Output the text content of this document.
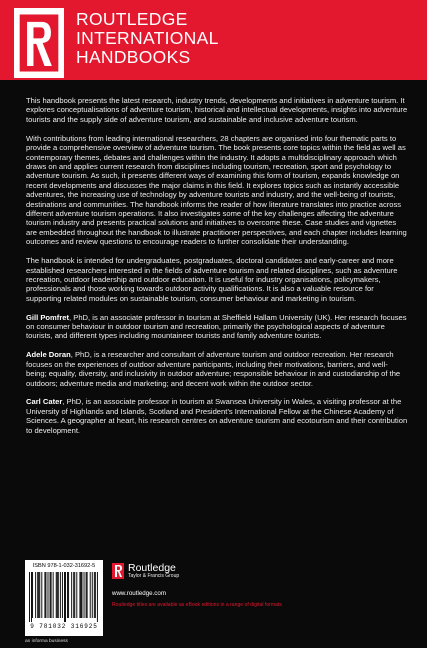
ROUTLEDGE
INTERNATIONAL
HANDBOOKS

This handbook presents the latest research, industry trends, developments and initiatives in adventure tourism. It explores conceptualisations of adventure tourism, historical and intellectual developments, insights into adventure tourists and the supply side of adventure tourism, and sustainable and inclusive adventure tourism.

With contributions from leading international researchers, 28 chapters are organised into four thematic parts to provide a comprehensive overview of adventure tourism. The book presents core topics within the field as well as contemporary themes, debates and challenges within the industry. It adopts a multidisciplinary approach which draws on and applies current research from disciplines including tourism, recreation, sport and psychology to adventure tourism. As such, it presents different ways of examining this form of tourism, expands knowledge on recent developments and discusses the major claims in this field. It explores topics such as instantly accessible adventures, the increasing use of technology by adventure tourists and industry, and the well-being of tourists, destinations and communities. The handbook informs the reader of how literature translates into practice across different adventure tourism operations. It also investigates some of the key challenges affecting the adventure tourism industry and presents practical solutions and initiatives to overcome these. Case studies and vignettes are embedded throughout the handbook to illustrate practitioner perspectives, and each chapter includes learning outcomes and review questions to encourage readers to further consolidate their understanding.

The handbook is intended for undergraduates, postgraduates, doctoral candidates and early-career and more established researchers interested in the fields of adventure tourism and related disciplines, such as adventure recreation, outdoor leadership and outdoor education. It is useful for industry organisations, policymakers, professionals and those working towards outdoor activity qualifications. It is also a valuable resource for supporting related modules on sustainable tourism, consumer behaviour and marketing in tourism.

Gill Pomfret, PhD, is an associate professor in tourism at Sheffield Hallam University (UK). Her research focuses on consumer behaviour in outdoor tourism and recreation, primarily the psychological aspects of adventure tourists, and different types including mountaineer tourists and family adventure tourists.

Adele Doran, PhD, is a researcher and consultant of adventure tourism and outdoor recreation. Her research focuses on the experiences of outdoor adventure participants, including their motivations, barriers, and well-being; equality, diversity, and inclusivity in outdoor adventure; responsible behaviour in and custodianship of the outdoors; adventure media and marketing; and decent work within the outdoor sector.

Carl Cater, PhD, is an associate professor in tourism at Swansea University in Wales, a visiting professor at the University of Highlands and Islands, Scotland and President’s International Fellow at the Chinese Academy of Sciences. A geographer at heart, his research centres on adventure tourism and ecotourism and their contribution to development.

ISBN 978-1-032-31692-5
9 781032 316925
an informa business
Routledge
Taylor & Francis Group
www.routledge.com
Routledge titles are available as eBook editions in a range of digital formats
